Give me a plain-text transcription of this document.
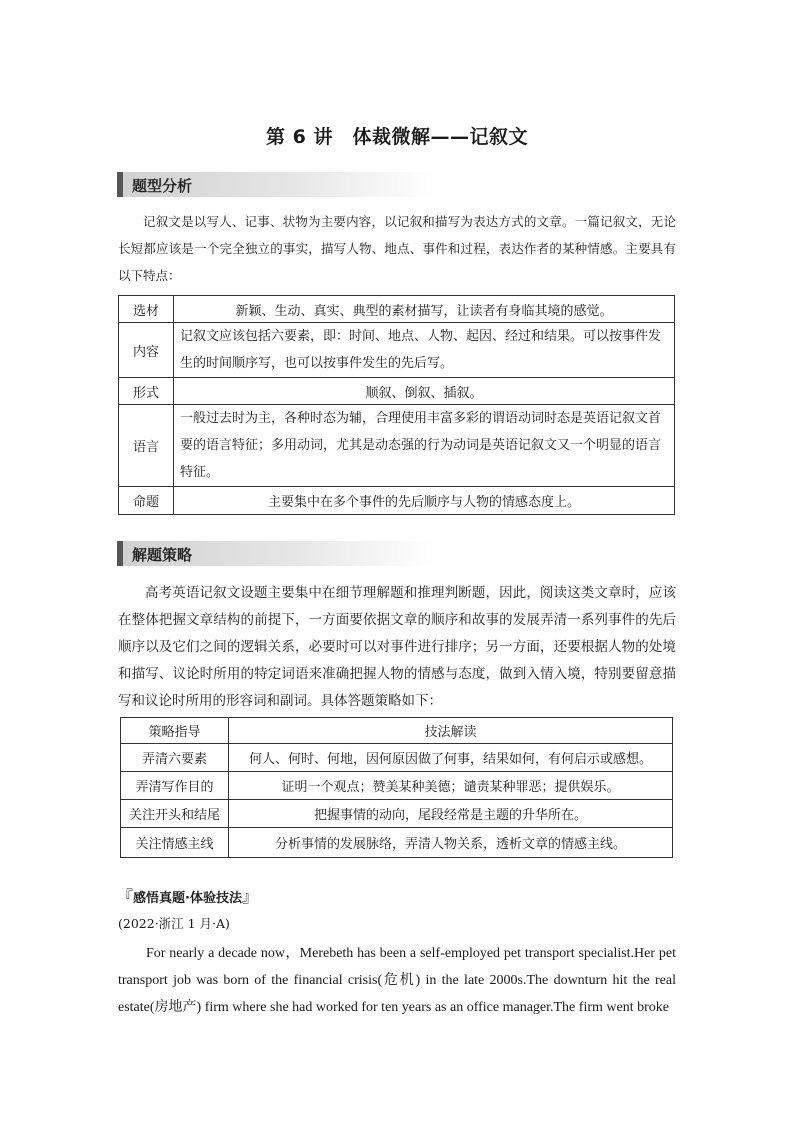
第 6 讲　体裁微解——记叙文
题型分析

记叙文是以写人、记事、状物为主要内容，以记叙和描写为表达方式的文章。一篇记叙文，无论长短都应该是一个完全独立的事实，描写人物、地点、事件和过程，表达作者的某种情感。主要具有以下特点：

选材	新颖、生动、真实、典型的素材描写，让读者有身临其境的感觉。
内容	记叙文应该包括六要素，即：时间、地点、人物、起因、经过和结果。可以按事件发生的时间顺序写，也可以按事件发生的先后写。
形式	顺叙、倒叙、插叙。
语言	一般过去时为主，各种时态为辅，合理使用丰富多彩的谓语动词时态是英语记叙文首要的语言特征；多用动词，尤其是动态强的行为动词是英语记叙文又一个明显的语言特征。
命题	主要集中在多个事件的先后顺序与人物的情感态度上。
解题策略

高考英语记叙文设题主要集中在细节理解题和推理判断题，因此，阅读这类文章时，应该在整体把握文章结构的前提下，一方面要依据文章的顺序和故事的发展弄清一系列事件的先后顺序以及它们之间的逻辑关系，必要时可以对事件进行排序；另一方面，还要根据人物的处境和描写、议论时所用的特定词语来准确把握人物的情感与态度，做到入情入境，特别要留意描写和议论时所用的形容词和副词。具体答题策略如下：

策略指导	技法解读
弄清六要素	何人、何时、何地，因何原因做了何事，结果如何，有何启示或感想。
弄清写作目的	证明一个观点；赞美某种美德；谴责某种罪恶；提供娱乐。
关注开头和结尾	把握事情的动向，尾段经常是主题的升华所在。
关注情感主线	分析事情的发展脉络，弄清人物关系，透析文章的情感主线。
『感悟真题·体验技法』
(2022·浙江 1 月·A)

For nearly a decade now，Merebeth has been a self-employed pet transport specialist.Her pet transport job was born of the financial crisis(危机) in the late 2000s.The downturn hit the real estate(房地产) firm where she had worked for ten years as an office manager.The firm went broke
